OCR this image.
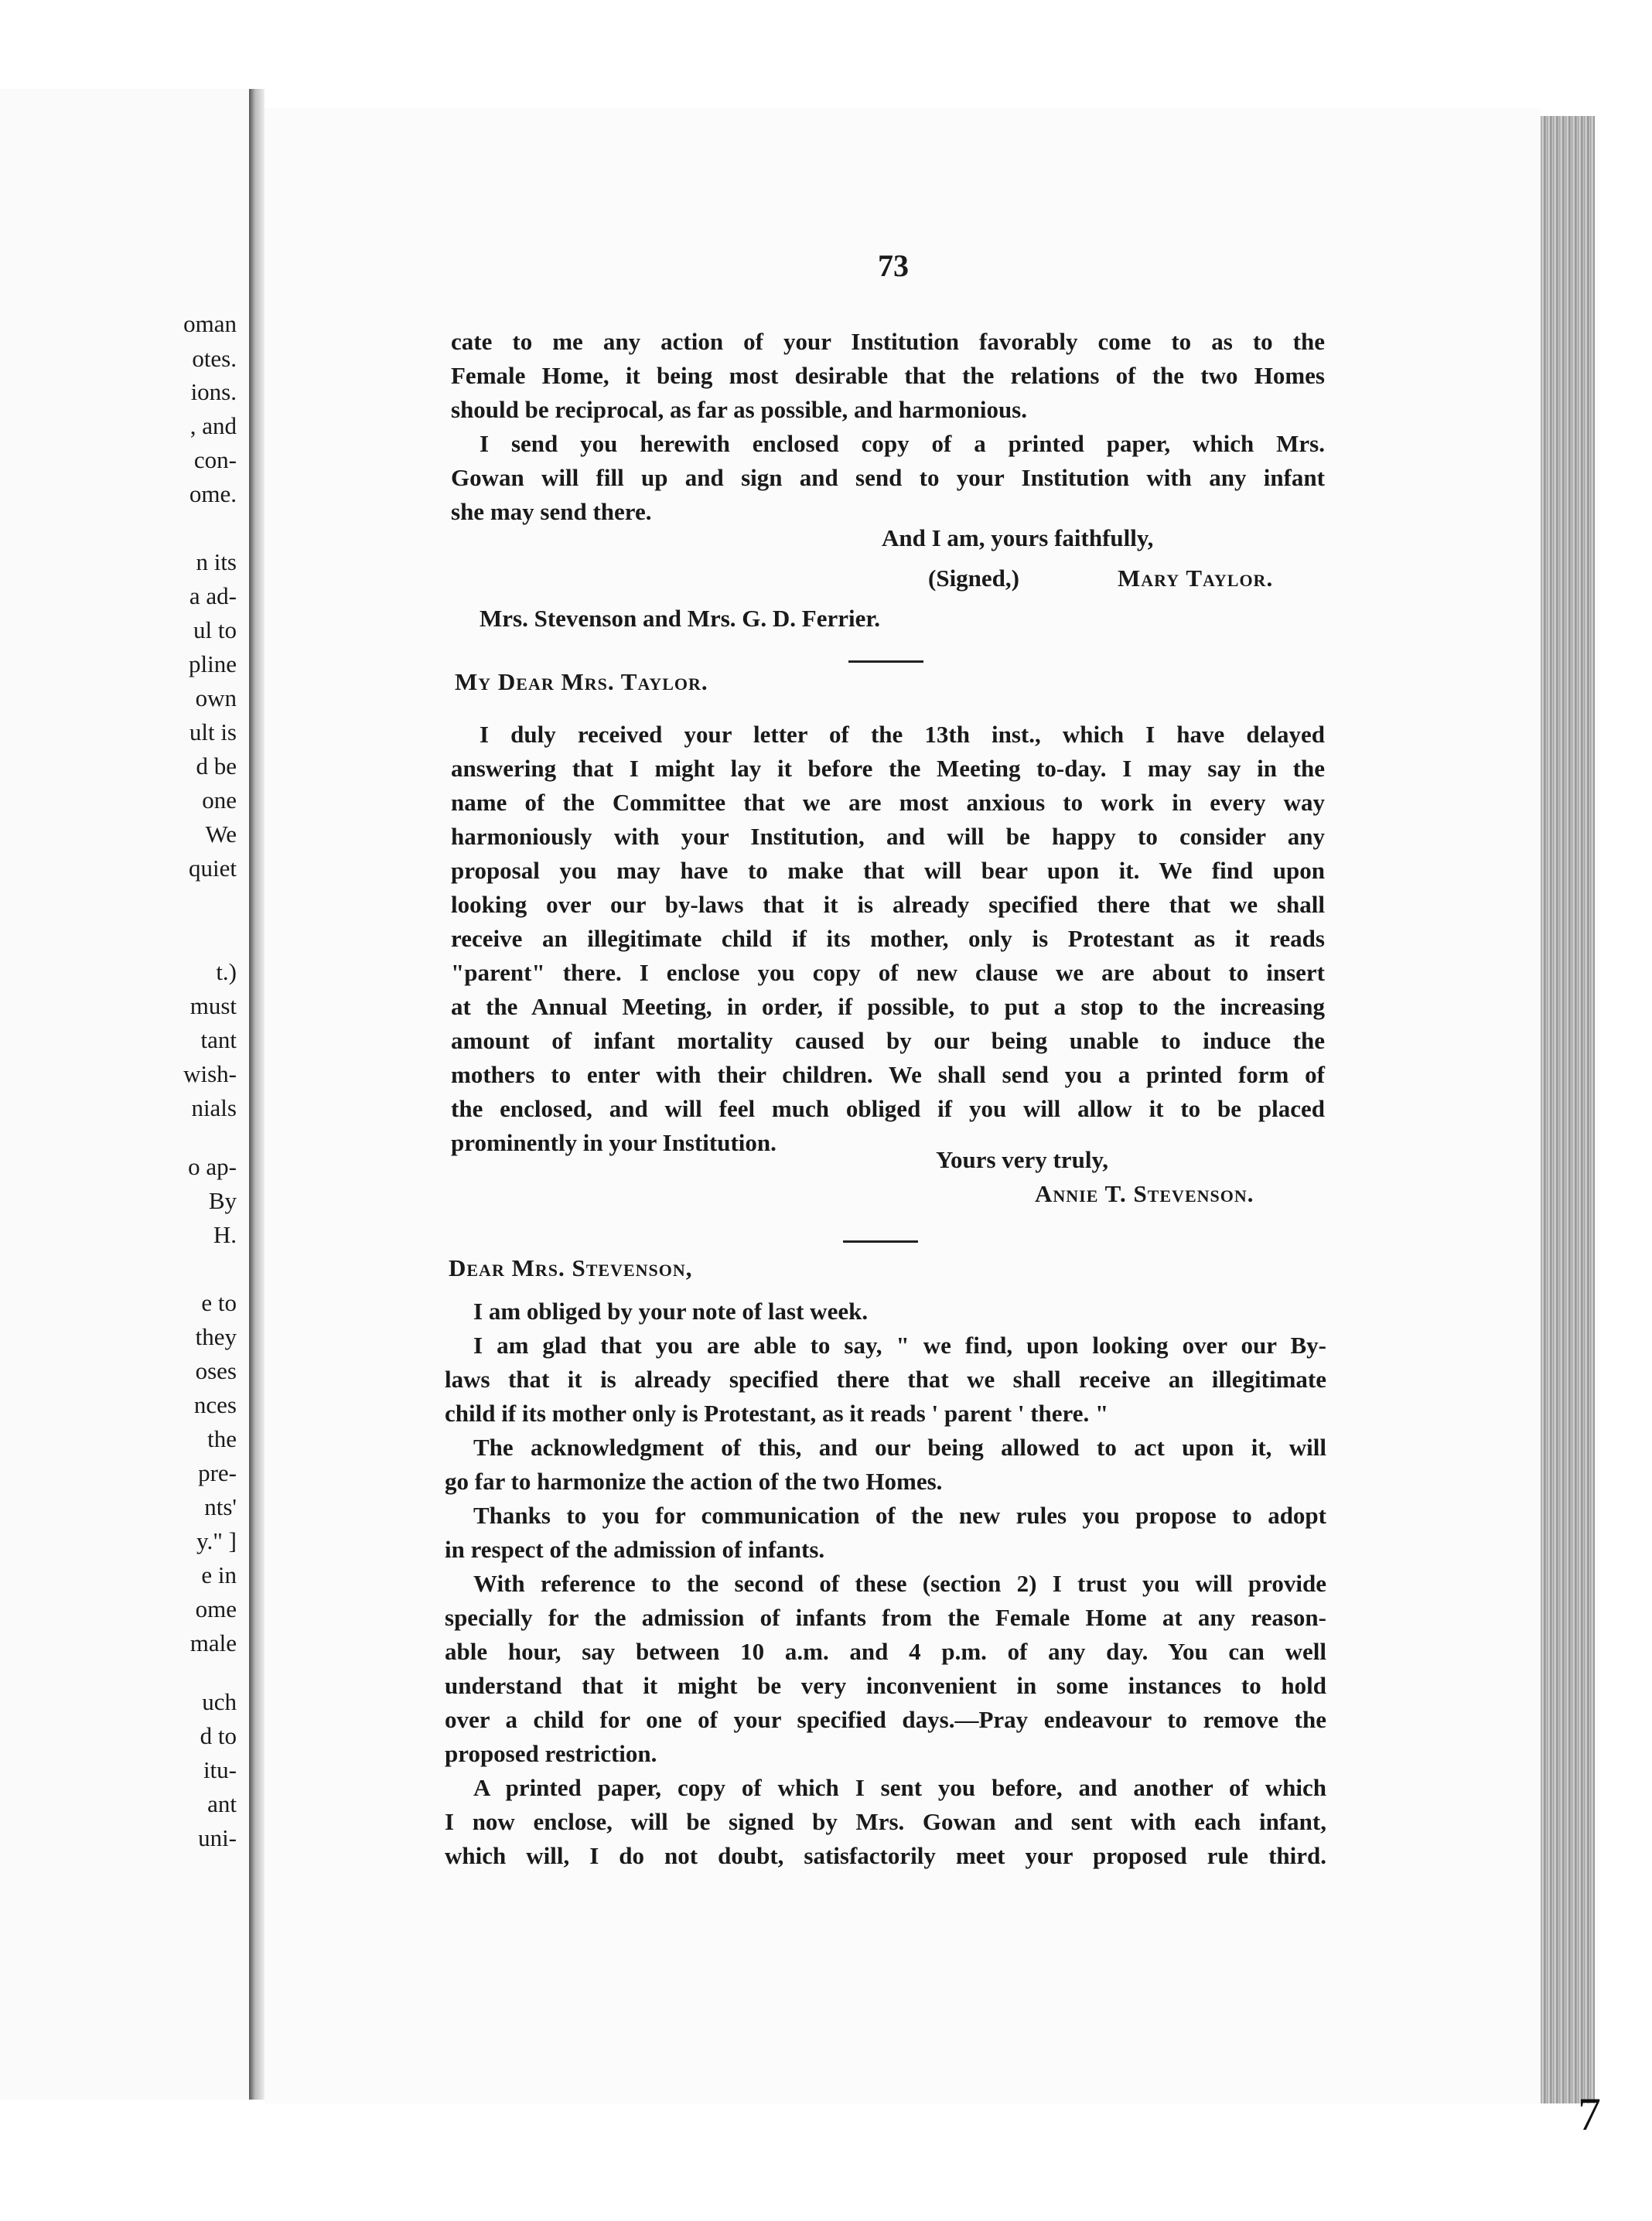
oman
otes.
ions.
, and
con-
ome.
n its
a ad-
ul to
pline
own
ult is
d be
one
We
quiet
t.)
must
tant
wish-
nials
o ap-
By
H.
e to
they
oses
nces
the
pre-
nts'
y." ]
e in
ome
male
uch
d to
itu-
ant
uni-
73
cate to me any action of your Institution favorably come to as to the
Female Home, it being most desirable that the relations of the two Homes
should be reciprocal, as far as possible, and harmonious.
I send you herewith enclosed copy of a printed paper, which Mrs.
Gowan will fill up and sign and send to your Institution with any infant
she may send there.
And I am, yours faithfully,
(Signed,)	Mary Taylor.
Mrs. Stevenson and Mrs. G. D. Ferrier.
My Dear Mrs. Taylor.
I duly received your letter of the 13th inst., which I have delayed
answering that I might lay it before the Meeting to-day. I may say in the
name of the Committee that we are most anxious to work in every way
harmoniously with your Institution, and will be happy to consider any
proposal you may have to make that will bear upon it. We find upon
looking over our by-laws that it is already specified there that we shall
receive an illegitimate child if its mother, only is Protestant as it reads
"parent" there. I enclose you copy of new clause we are about to insert
at the Annual Meeting, in order, if possible, to put a stop to the increasing
amount of infant mortality caused by our being unable to induce the
mothers to enter with their children. We shall send you a printed form of
the enclosed, and will feel much obliged if you will allow it to be placed
prominently in your Institution.
Yours very truly,
Annie T. Stevenson.
Dear Mrs. Stevenson,
I am obliged by your note of last week.
I am glad that you are able to say, " we find, upon looking over our By-
laws that it is already specified there that we shall receive an illegitimate
child if its mother only is Protestant, as it reads ' parent ' there. "
The acknowledgment of this, and our being allowed to act upon it, will
go far to harmonize the action of the two Homes.
Thanks to you for communication of the new rules you propose to adopt
in respect of the admission of infants.
With reference to the second of these (section 2) I trust you will provide
specially for the admission of infants from the Female Home at any reason-
able hour, say between 10 a.m. and 4 p.m. of any day. You can well
understand that it might be very inconvenient in some instances to hold
over a child for one of your specified days.—Pray endeavour to remove the
proposed restriction.
A printed paper, copy of which I sent you before, and another of which
I now enclose, will be signed by Mrs. Gowan and sent with each infant,
which will, I do not doubt, satisfactorily meet your proposed rule third.
7
